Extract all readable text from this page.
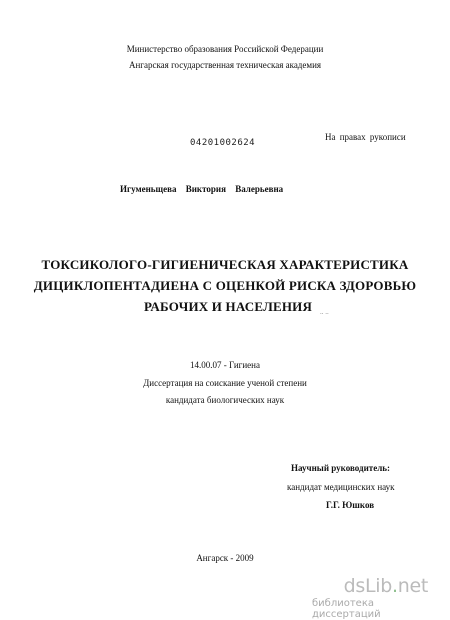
Министерство образования Российской Федерации
Ангарская государственная техническая академия
04201002624
На правах рукописи
Игуменьщева Виктория Валерьевна
ТОКСИКОЛОГО-ГИГИЕНИЧЕСКАЯ ХАРАКТЕРИСТИКА
ДИЦИКЛОПЕНТАДИЕНА С ОЦЕНКОЙ РИСКА ЗДОРОВЬЮ
РАБОЧИХ И НАСЕЛЕНИЯ	.. ..
14.00.07 - Гигиена
Диссертация на соискание ученой степени
кандидата биологических наук
Научный руководитель:
кандидат медицинских наук
Г.Г. Юшков
Ангарск - 2009
dsLib.net
библиотека диссертаций
